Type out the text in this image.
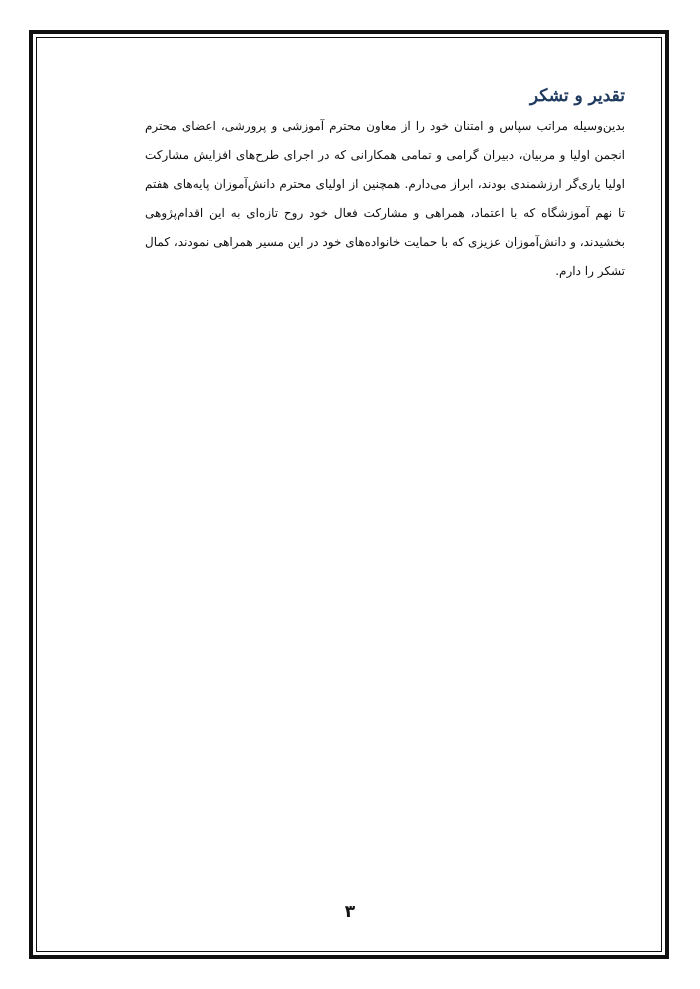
تقدیر و تشکر

بدین‌وسیله مراتب سپاس و امتنان خود را از معاون محترم آموزشی و پرورشی، اعضای محترم انجمن اولیا و مربیان، دبیران گرامی و تمامی همکارانی که در اجرای طرح‌های افزایش مشارکت اولیا یاری‌گر ارزشمندی بودند، ابراز می‌دارم. همچنین از اولیای محترم دانش‌آموزان پایه‌های هفتم تا نهم آموزشگاه که با اعتماد، همراهی و مشارکت فعال خود روح تازه‌ای به این اقدام‌پژوهی بخشیدند، و دانش‌آموزان عزیزی که با حمایت خانواده‌های خود در این مسیر همراهی نمودند، کمال تشکر را دارم.

۳
